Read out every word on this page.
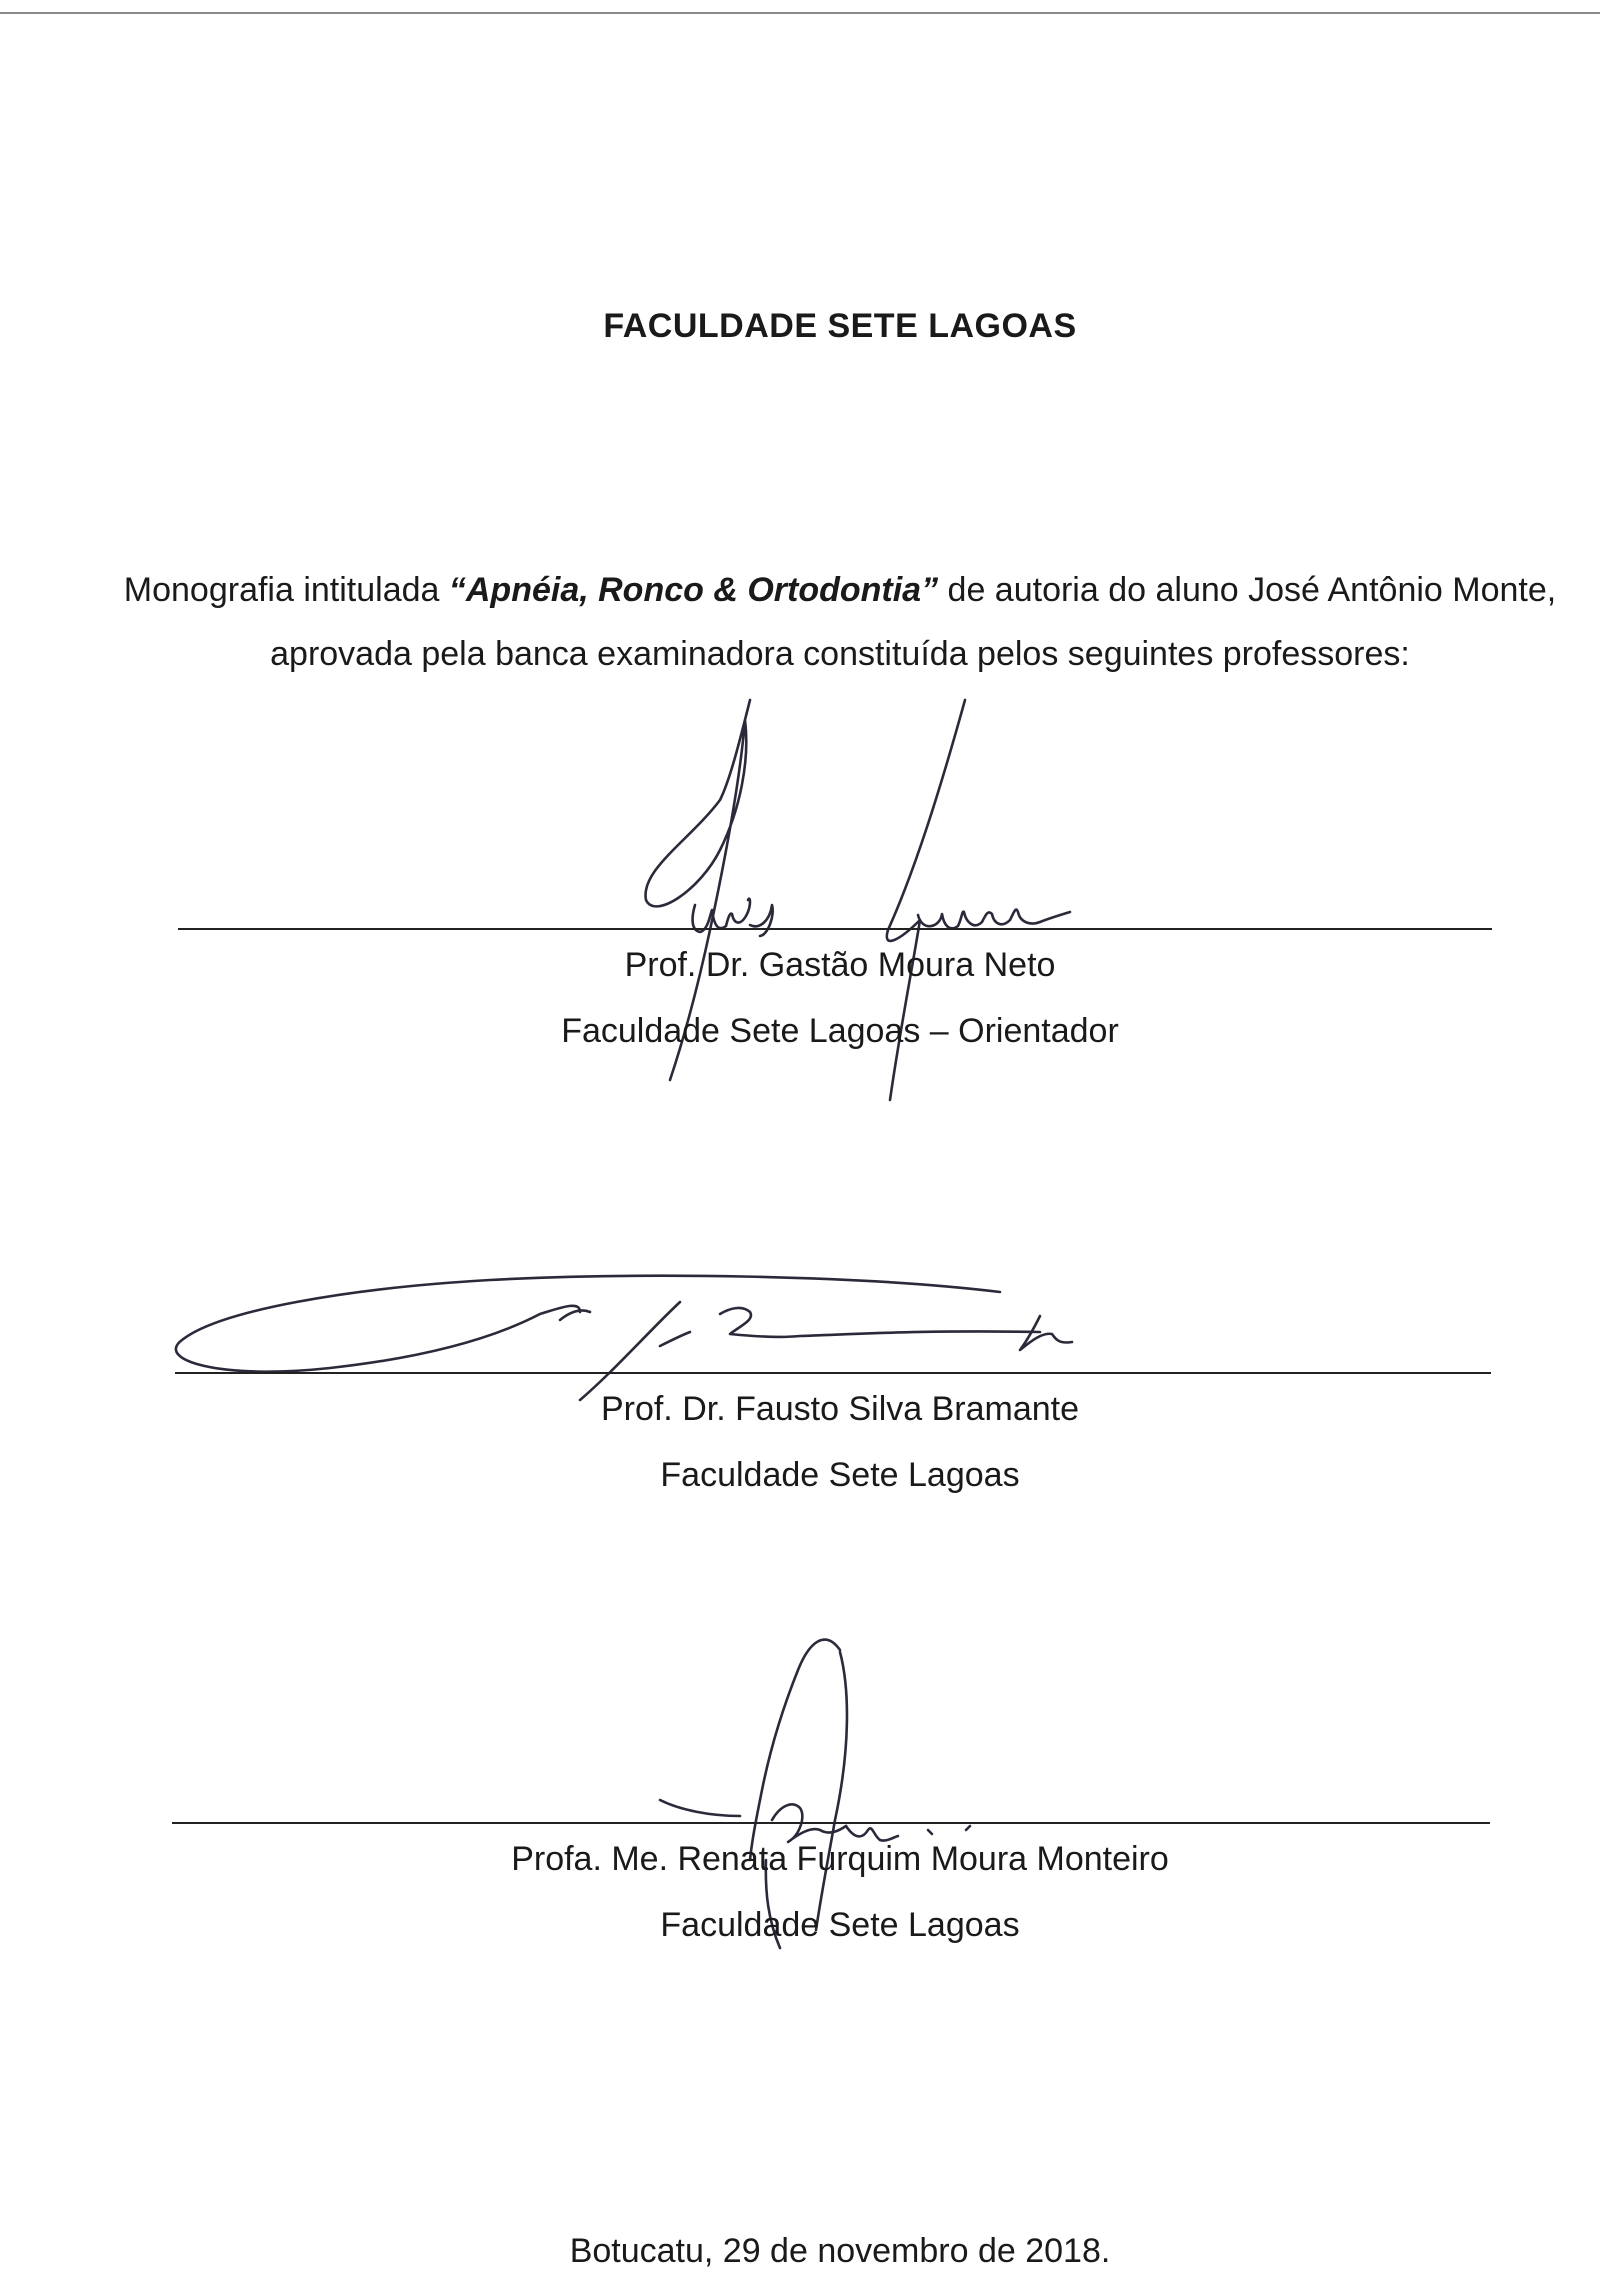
FACULDADE SETE LAGOAS

Monografia intitulada “Apnéia, Ronco & Ortodontia” de autoria do aluno José Antônio Monte, aprovada pela banca examinadora constituída pelos seguintes professores:

Prof. Dr. Gastão Moura Neto
Faculdade Sete Lagoas – Orientador
Prof. Dr. Fausto Silva Bramante
Faculdade Sete Lagoas
Profa. Me. Renata Furquim Moura Monteiro
Faculdade Sete Lagoas
Botucatu, 29 de novembro de 2018.
